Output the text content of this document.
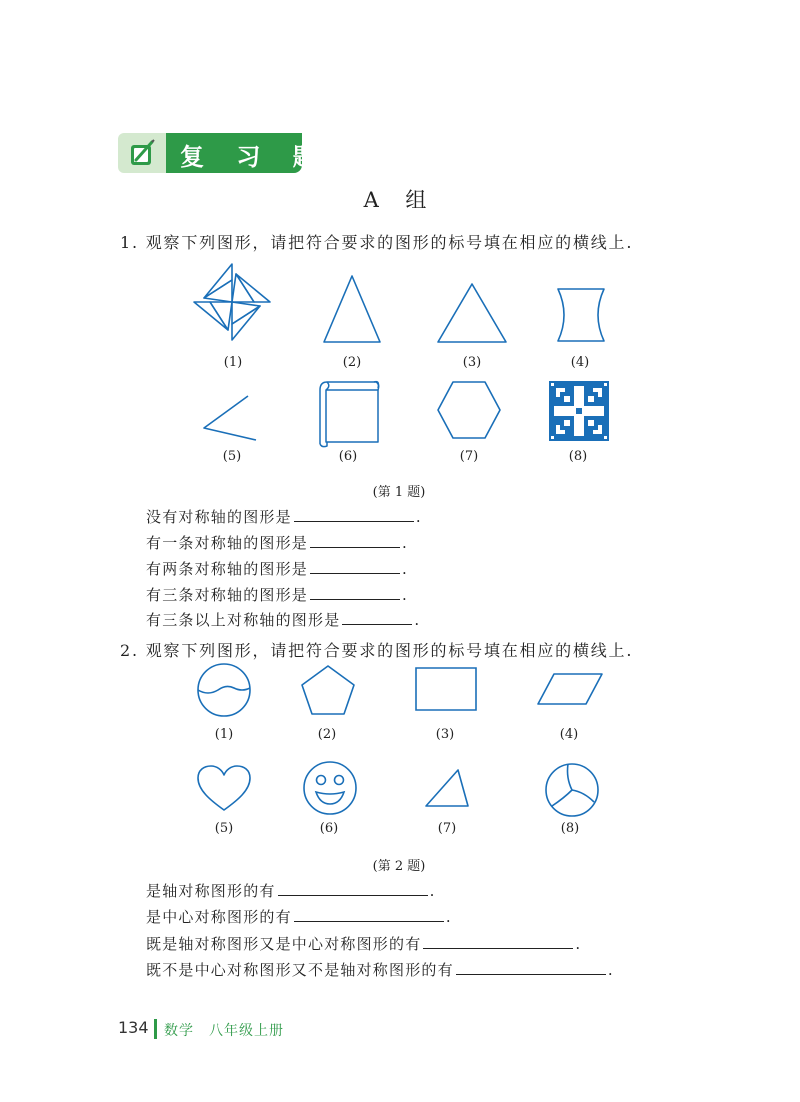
复 习 题
A 组
1. 观察下列图形，请把符合要求的图形的标号填在相应的横线上.
(1)	(2)	(3)	(4)
(5)	(6)	(7)	(8)
(第 1 题)
没有对称轴的图形是	.
有一条对称轴的图形是	.
有两条对称轴的图形是	.
有三条对称轴的图形是	.
有三条以上对称轴的图形是	.
2. 观察下列图形，请把符合要求的图形的标号填在相应的横线上.
(1)	(2)	(3)	(4)
(5)	(6)	(7)	(8)
(第 2 题)
是轴对称图形的有	.
是中心对称图形的有	.
既是轴对称图形又是中心对称图形的有	.
既不是中心对称图形又不是轴对称图形的有	.
134 数学　八年级上册
